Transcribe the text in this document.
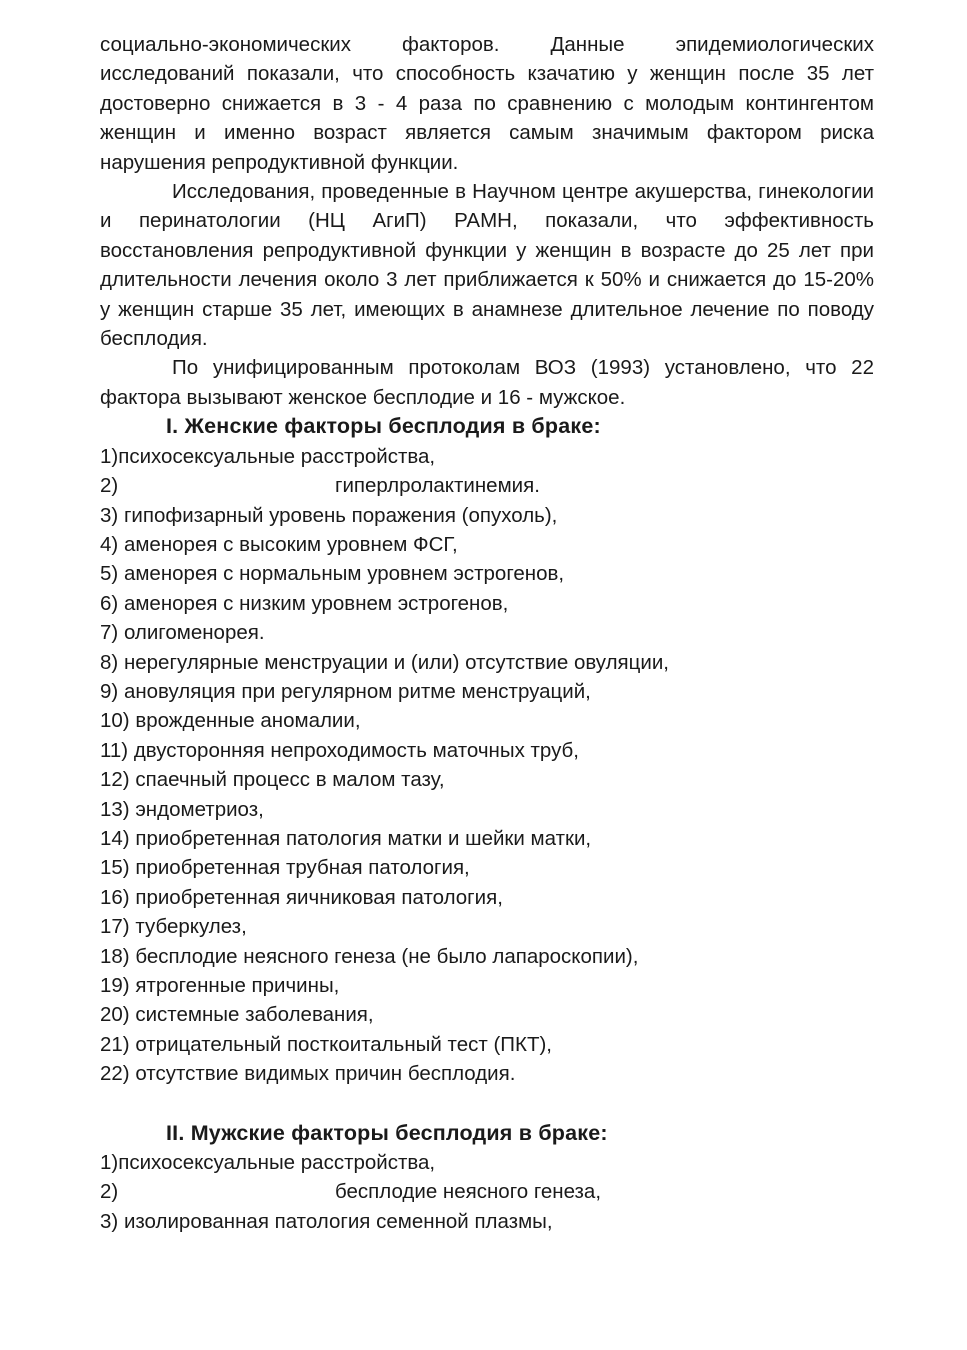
социально-экономических факторов. Данные эпидемиологических исследований показали, что способность кзачатию у женщин после 35 лет достоверно снижается в 3 - 4 раза по сравнению с молодым контингентом женщин и именно возраст является самым значимым фактором риска нарушения репродуктивной функции.

Исследования, проведенные в Научном центре акушерства, гинекологии и перинатологии (НЦ АгиП) РАМН, показали, что эффективность восстановления репродуктивной функции у женщин в возрасте до 25 лет при длительности лечения около 3 лет приближается к 50% и снижается до 15-20% у женщин старше 35 лет, имеющих в анамнезе длительное лечение по поводу бесплодия.

По унифицированным протоколам ВОЗ (1993) установлено, что 22 фактора вызывают женское бесплодие и 16 - мужское.

I. Женские факторы бесплодия в браке:
1)психосексуальные расстройства,
2)	гиперлролактинемия.
3) гипофизарный уровень поражения (опухоль),
4) аменорея с высоким уровнем ФСГ,
5) аменорея с нормальным уровнем эстрогенов,
6) аменорея с низким уровнем эстрогенов,
7) олигоменорея.
8) нерегулярные менструации и (или) отсутствие овуляции,
9) ановуляция при регулярном ритме менструаций,
10) врожденные аномалии,
11) двусторонняя непроходимость маточных труб,
12) спаечный процесс в малом тазу,
13) эндометриоз,
14) приобретенная патология матки и шейки матки,
15) приобретенная трубная патология,
16) приобретенная яичниковая патология,
17) туберкулез,
18) бесплодие неясного генеза (не было лапароскопии),
19) ятрогенные причины,
20) системные заболевания,
21) отрицательный посткоитальный тест (ПКТ),
22) отсутствие видимых причин бесплодия.
II. Мужские факторы бесплодия в браке:
1)психосексуальные расстройства,
2)	бесплодие неясного генеза,
3) изолированная патология семенной плазмы,
